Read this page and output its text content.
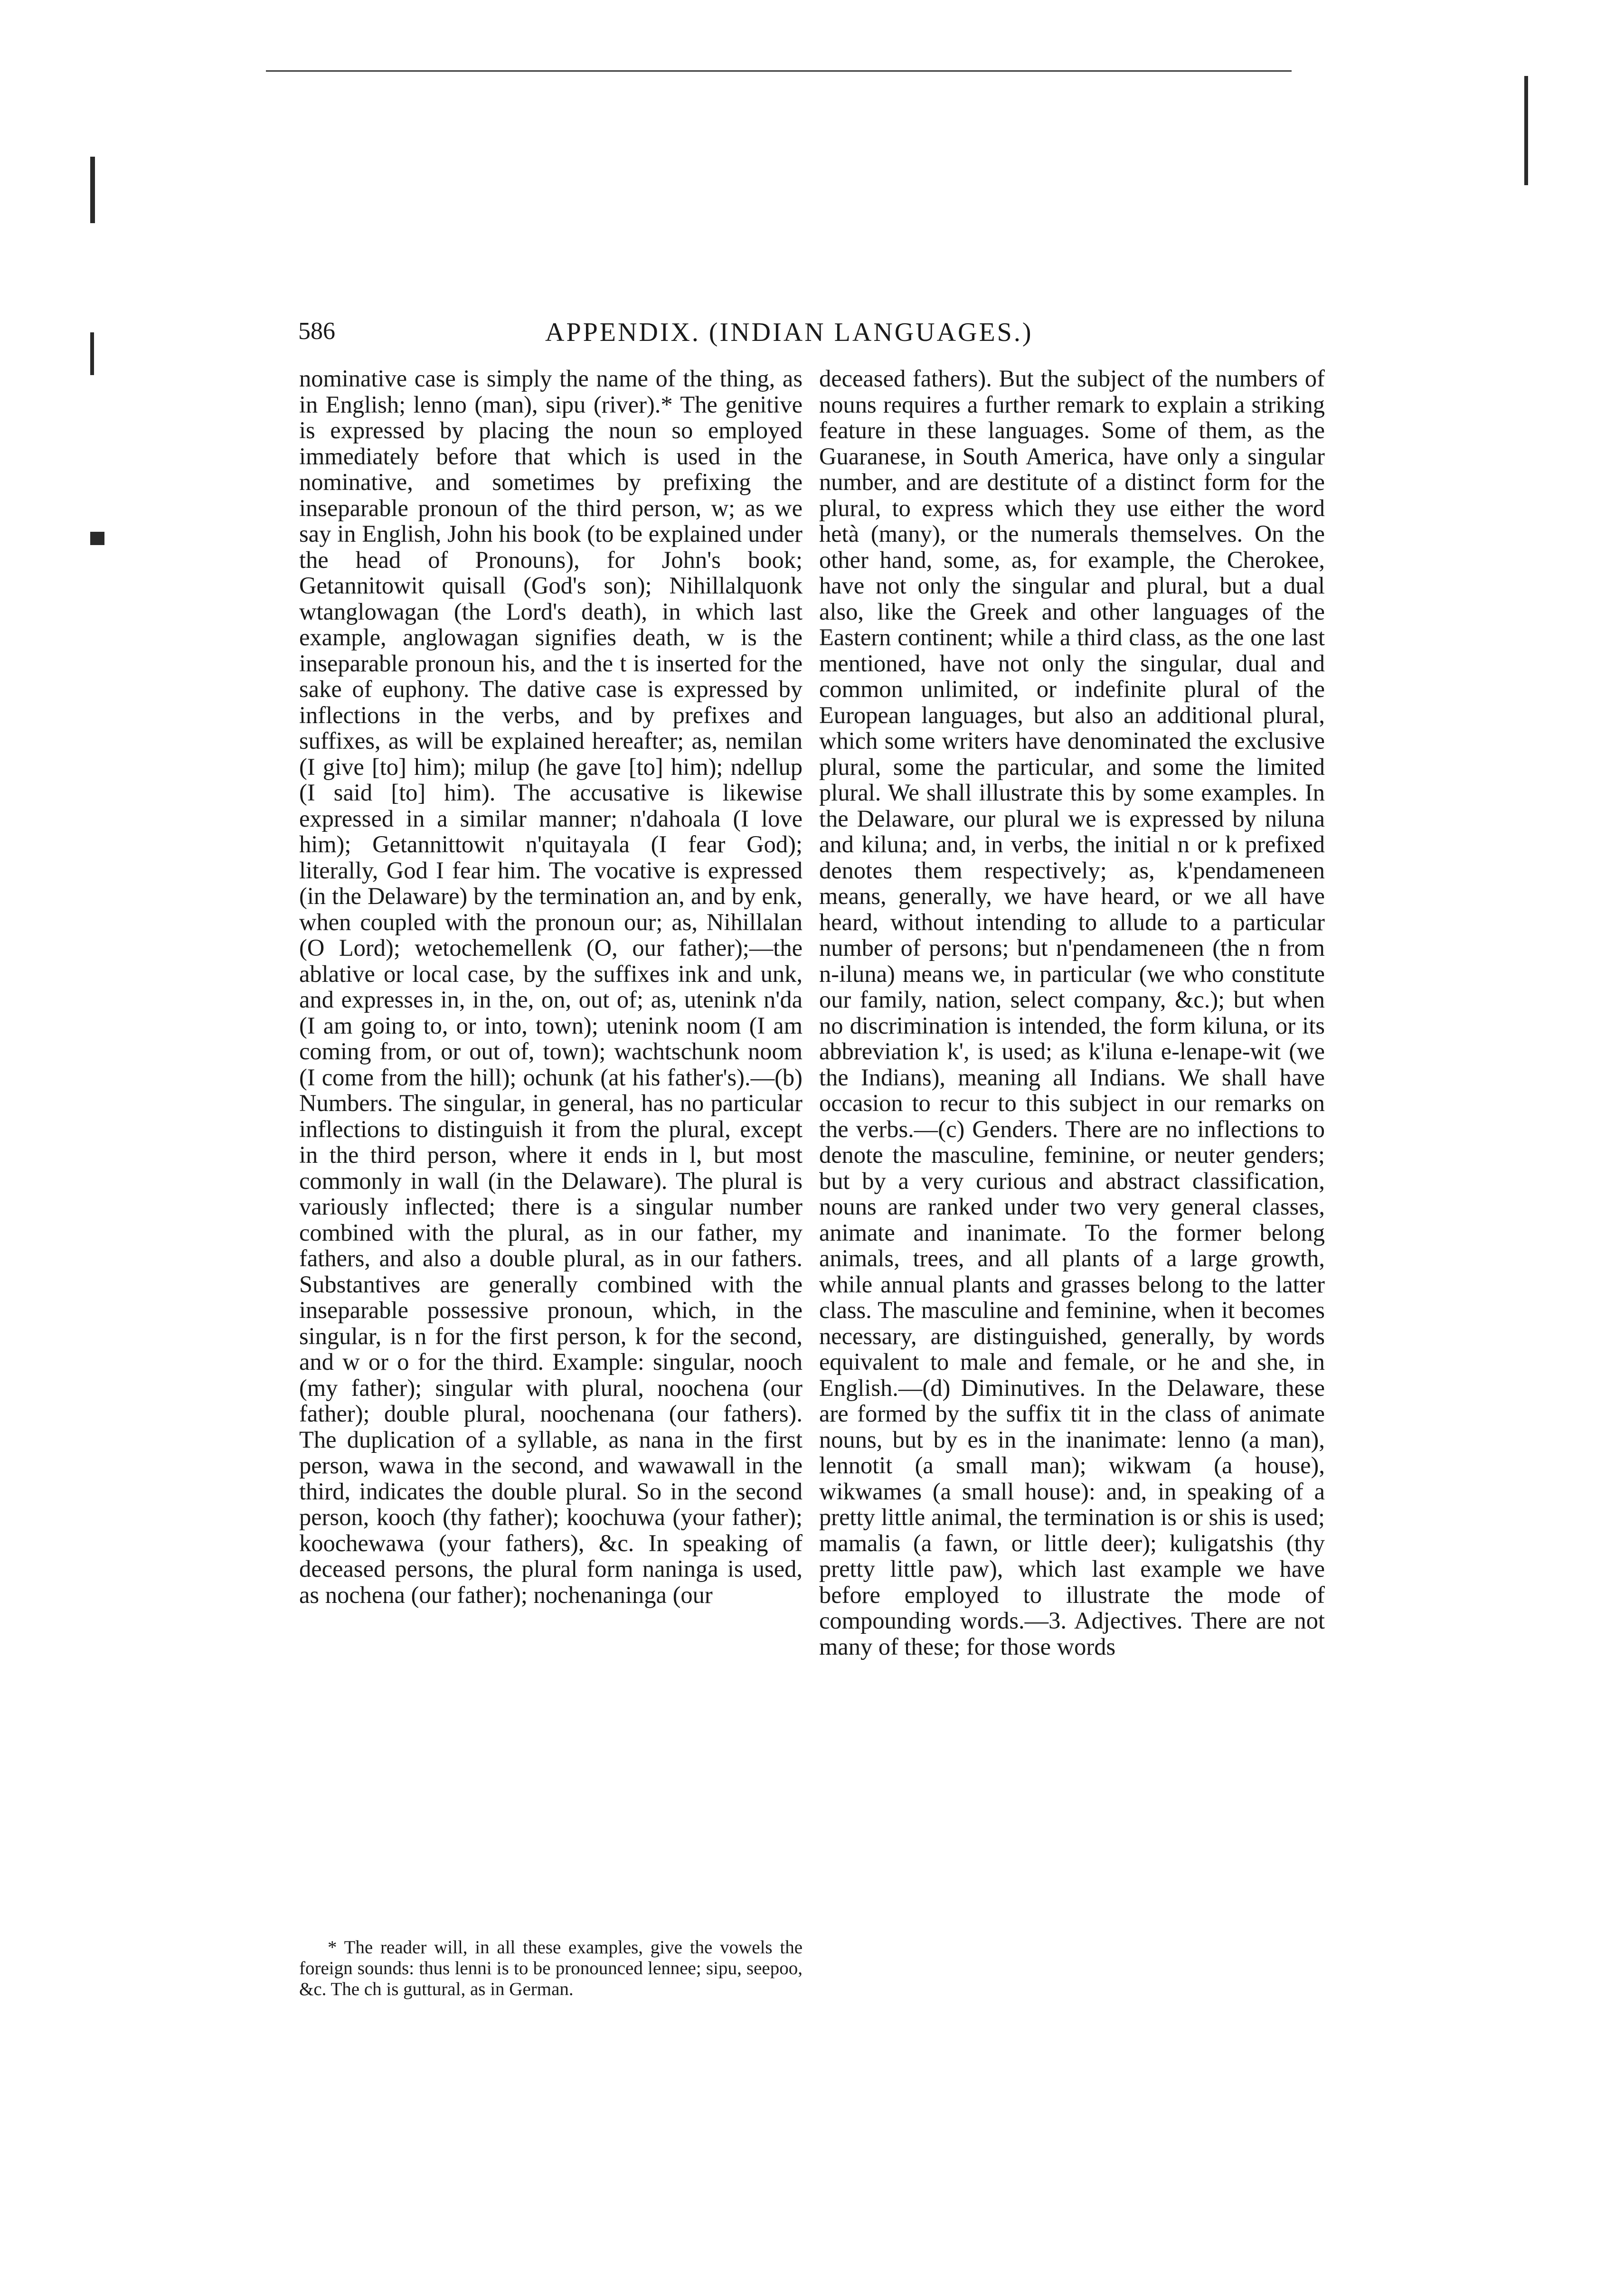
586	APPENDIX. (INDIAN LANGUAGES.)

nominative case is simply the name of the thing, as in English; lenno (man), sipu (river).* The genitive is expressed by placing the noun so employed immediately before that which is used in the nominative, and sometimes by prefixing the inseparable pronoun of the third person, w; as we say in English, John his book (to be explained under the head of Pronouns), for John's book; Getannitowit quisall (God's son); Nihillalquonk wtanglowagan (the Lord's death), in which last example, anglowagan signifies death, w is the inseparable pronoun his, and the t is inserted for the sake of euphony. The dative case is expressed by inflections in the verbs, and by prefixes and suffixes, as will be explained hereafter; as, nemilan (I give [to] him); milup (he gave [to] him); ndellup (I said [to] him). The accusative is likewise expressed in a similar manner; n'dahoala (I love him); Getannittowit n'quitayala (I fear God); literally, God I fear him. The vocative is expressed (in the Delaware) by the termination an, and by enk, when coupled with the pronoun our; as, Nihillalan (O Lord); wetochemellenk (O, our father);—the ablative or local case, by the suffixes ink and unk, and expresses in, in the, on, out of; as, utenink n'da (I am going to, or into, town); utenink noom (I am coming from, or out of, town); wachtschunk noom (I come from the hill); ochunk (at his father's).—(b) Numbers. The singular, in general, has no particular inflections to distinguish it from the plural, except in the third person, where it ends in l, but most commonly in wall (in the Delaware). The plural is variously inflected; there is a singular number combined with the plural, as in our father, my fathers, and also a double plural, as in our fathers. Substantives are generally combined with the inseparable possessive pronoun, which, in the singular, is n for the first person, k for the second, and w or o for the third. Example: singular, nooch (my father); singular with plural, noochena (our father); double plural, noochenana (our fathers). The duplication of a syllable, as nana in the first person, wawa in the second, and wawawall in the third, indicates the double plural. So in the second person, kooch (thy father); koochuwa (your father); koochewawa (your fathers), &c. In speaking of deceased persons, the plural form naninga is used, as nochena (our father); nochenaninga (our

deceased fathers). But the subject of the numbers of nouns requires a further remark to explain a striking feature in these languages. Some of them, as the Guaranese, in South America, have only a singular number, and are destitute of a distinct form for the plural, to express which they use either the word hetà (many), or the numerals themselves. On the other hand, some, as, for example, the Cherokee, have not only the singular and plural, but a dual also, like the Greek and other languages of the Eastern continent; while a third class, as the one last mentioned, have not only the singular, dual and common unlimited, or indefinite plural of the European languages, but also an additional plural, which some writers have denominated the exclusive plural, some the particular, and some the limited plural. We shall illustrate this by some examples. In the Delaware, our plural we is expressed by niluna and kiluna; and, in verbs, the initial n or k prefixed denotes them respectively; as, k'pendameneen means, generally, we have heard, or we all have heard, without intending to allude to a particular number of persons; but n'pendameneen (the n from n-iluna) means we, in particular (we who constitute our family, nation, select company, &c.); but when no discrimination is intended, the form kiluna, or its abbreviation k', is used; as k'iluna e-lenape-wit (we the Indians), meaning all Indians. We shall have occasion to recur to this subject in our remarks on the verbs.—(c) Genders. There are no inflections to denote the masculine, feminine, or neuter genders; but by a very curious and abstract classification, nouns are ranked under two very general classes, animate and inanimate. To the former belong animals, trees, and all plants of a large growth, while annual plants and grasses belong to the latter class. The masculine and feminine, when it becomes necessary, are distinguished, generally, by words equivalent to male and female, or he and she, in English.—(d) Diminutives. In the Delaware, these are formed by the suffix tit in the class of animate nouns, but by es in the inanimate: lenno (a man), lennotit (a small man); wikwam (a house), wikwames (a small house): and, in speaking of a pretty little animal, the termination is or shis is used; mamalis (a fawn, or little deer); kuligatshis (thy pretty little paw), which last example we have before employed to illustrate the mode of compounding words.—3. Adjectives. There are not many of these; for those words

* The reader will, in all these examples, give the vowels the foreign sounds: thus lenni is to be pronounced lennee; sipu, seepoo, &c. The ch is guttural, as in German.
